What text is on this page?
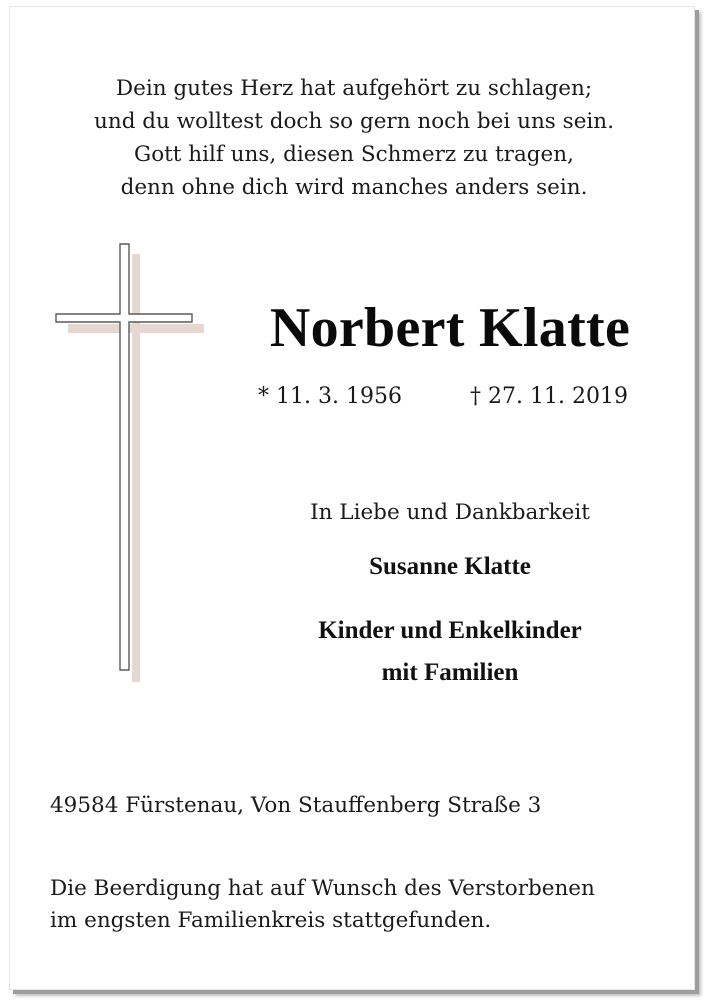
Dein gutes Herz hat aufgehört zu schlagen;
und du wolltest doch so gern noch bei uns sein.
Gott hilf uns, diesen Schmerz zu tragen,
denn ohne dich wird manches anders sein.
Norbert Klatte
* 11. 3. 1956	† 27. 11. 2019
In Liebe und Dankbarkeit
Susanne Klatte
Kinder und Enkelkinder
mit Familien
49584 Fürstenau, Von Stauffenberg Straße 3
Die Beerdigung hat auf Wunsch des Verstorbenen
im engsten Familienkreis stattgefunden.
